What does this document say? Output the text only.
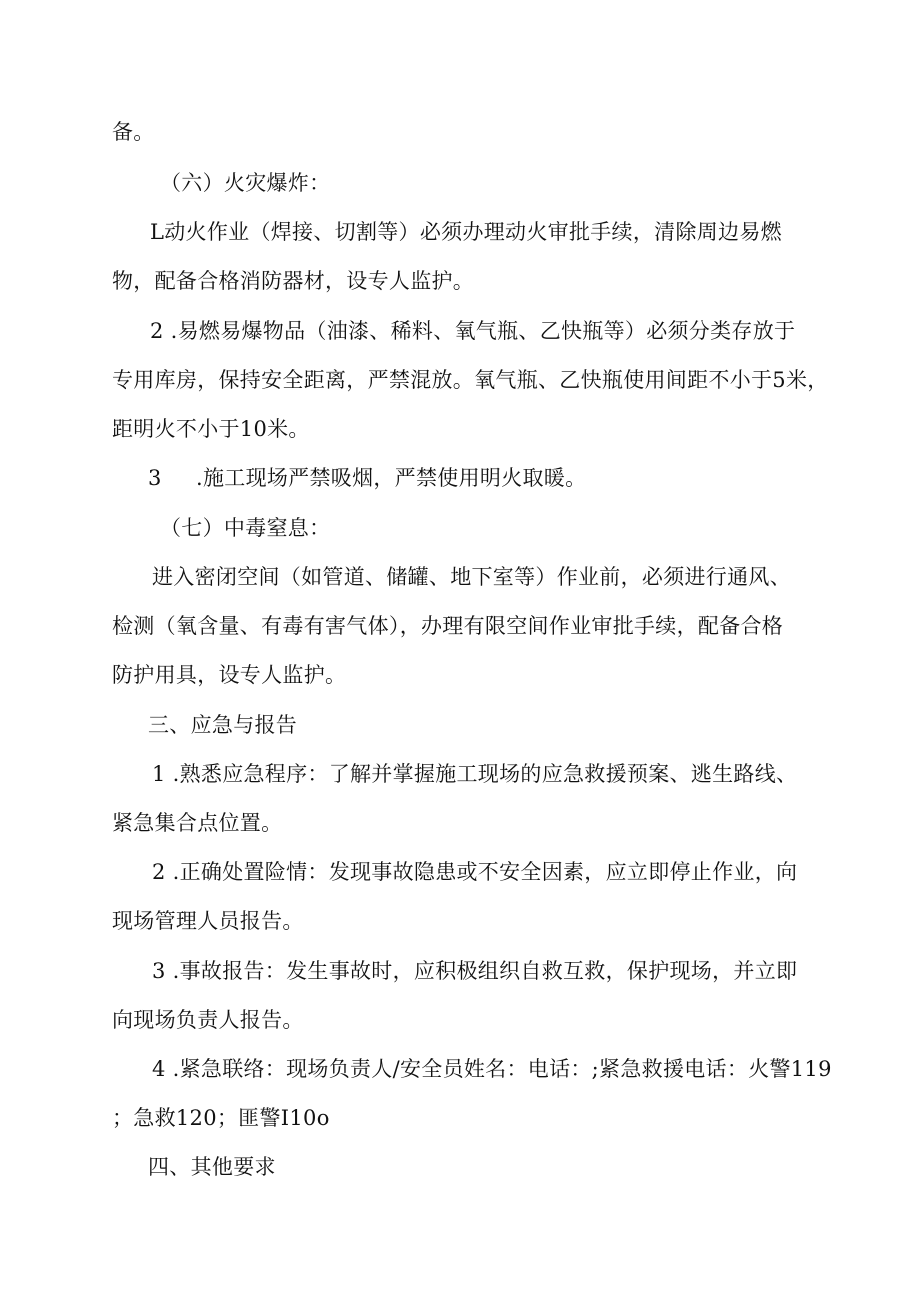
备。
（六）火灾爆炸：
L动火作业（焊接、切割等）必须办理动火审批手续，清除周边易燃
物，配备合格消防器材，设专人监护。
2 .易燃易爆物品（油漆、稀料、氧气瓶、乙快瓶等）必须分类存放于
专用库房，保持安全距离，严禁混放。氧气瓶、乙快瓶使用间距不小于5米，
距明火不小于10米。
3 .施工现场严禁吸烟，严禁使用明火取暖。
（七）中毒窒息：
进入密闭空间（如管道、储罐、地下室等）作业前，必须进行通风、
检测（氧含量、有毒有害气体），办理有限空间作业审批手续，配备合格
防护用具，设专人监护。
三、应急与报告
1 .熟悉应急程序：了解并掌握施工现场的应急救援预案、逃生路线、
紧急集合点位置。
2 .正确处置险情：发现事故隐患或不安全因素，应立即停止作业，向
现场管理人员报告。
3 .事故报告：发生事故时，应积极组织自救互救，保护现场，并立即
向现场负责人报告。
4 .紧急联络：现场负责人/安全员姓名：电话：;紧急救援电话：火警119
；急救120；匪警I10o
四、其他要求
